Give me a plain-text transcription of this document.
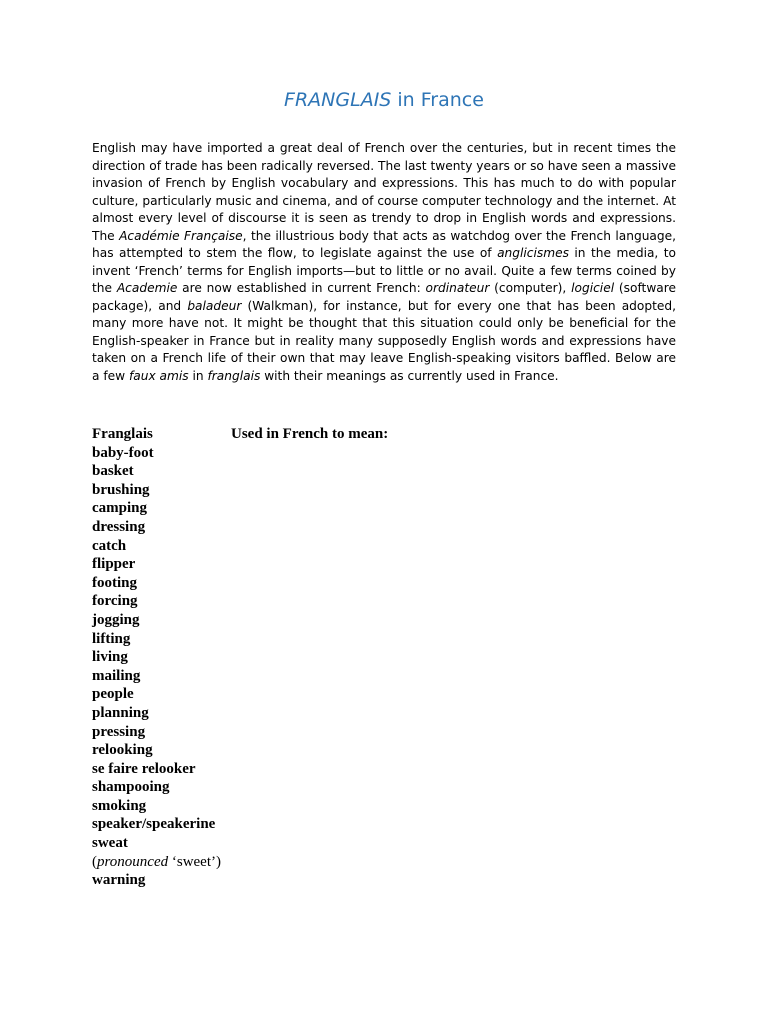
FRANGLAIS in France

English may have imported a great deal of French over the centuries, but in recent times the direction of trade has been radically reversed. The last twenty years or so have seen a massive invasion of French by English vocabulary and expressions. This has much to do with popular culture, particularly music and cinema, and of course computer technology and the internet. At almost every level of discourse it is seen as trendy to drop in English words and expressions. The Académie Française, the illustrious body that acts as watchdog over the French language, has attempted to stem the flow, to legislate against the use of anglicismes in the media, to invent ‘French’ terms for English imports—but to little or no avail. Quite a few terms coined by the Academie are now established in current French: ordinateur (computer), logiciel (software package), and baladeur (Walkman), for instance, but for every one that has been adopted, many more have not. It might be thought that this situation could only be beneficial for the English-speaker in France but in reality many supposedly English words and expressions have taken on a French life of their own that may leave English-speaking visitors baffled. Below are a few faux amis in franglais with their meanings as currently used in France.

Franglais	Used in French to mean:
baby-foot
basket
brushing
camping
dressing
catch
flipper
footing
forcing
jogging
lifting
living
mailing
people
planning
pressing
relooking
se faire relooker
shampooing
smoking
speaker/speakerine
sweat
(pronounced ‘sweet’)
warning
